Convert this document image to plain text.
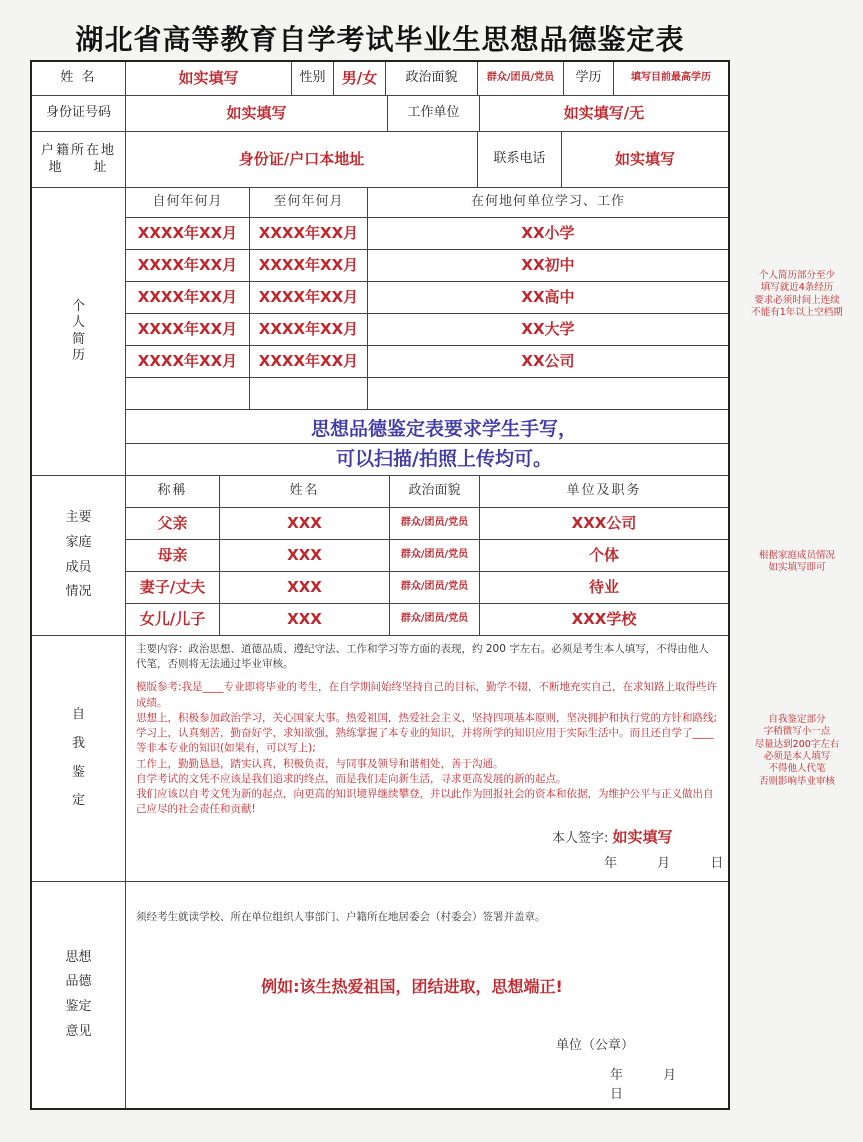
湖北省高等教育自学考试毕业生思想品德鉴定表
姓 名	如实填写	性别	男/女	政治面貌	群众/团员/党员	学历	填写目前最高学历
身份证号码	如实填写	工作单位	如实填写/无
户籍所在地
地　　址	身份证/户口本地址	联系电话	如实填写
个
人
简
历
自何年何月	至何年何月	在何地何单位学习、工作
XXXX年XX月	XXXX年XX月	XX小学
XXXX年XX月	XXXX年XX月	XX初中
XXXX年XX月	XXXX年XX月	XX高中
XXXX年XX月	XXXX年XX月	XX大学
XXXX年XX月	XXXX年XX月	XX公司
思想品德鉴定表要求学生手写，
可以扫描/拍照上传均可。
主要
家庭
成员
情况
称稱	姓名	政治面貌	单位及职务
父亲	XXX	群众/团员/党员	XXX公司
母亲	XXX	群众/团员/党员	个体
妻子/丈夫	XXX	群众/团员/党员	待业
女儿/儿子	XXX	群众/团员/党员	XXX学校
自
我
鉴
定
主要内容：政治思想、道德品质、遵纪守法、工作和学习等方面的表现，约 200 字左右。必须是考生本人填写，不得由他人代笔，否则将无法通过毕业审核。
模版参考:我是____专业即将毕业的考生，在自学期间始终坚持自己的目标，勤学不辍，不断地充实自己，在求知路上取得些许成绩。
思想上，积极参加政治学习，关心国家大事。热爱祖国，热爱社会主义，坚持四项基本原则，坚决拥护和执行党的方针和路线;学习上，认真刻苦，勤奋好学，求知欲强，熟练掌握了本专业的知识，并将所学的知识应用于实际生活中。而且还自学了____等非本专业的知识(如果有，可以写上);
工作上，勤勤恳恳，踏实认真，积极负责，与同事及领导和谐相处，善于沟通。
自学考试的文凭不应该是我们追求的终点，而是我们走向新生活，寻求更高发展的新的起点。
我们应该以自考文凭为新的起点，向更高的知识境界继续攀登，并以此作为回报社会的资本和依据，为维护公平与正义做出自己应尽的社会责任和贡献!
本人签字: 如实填写
年	月	日
思想
品德
鉴定
意见
须经考生就读学校、所在单位组织人事部门、户籍所在地居委会（村委会）签署并盖章。
例如:该生热爱祖国，团结进取，思想端正!
单位（公章）
年	月 日
个人简历部分至少
填写就近4条经历
要求必须时间上连续
不能有1年以上空档期
根据家庭成员情况
如实填写即可
自我鉴定部分
字稍微写小一点
尽量达到200字左右
必须是本人填写
不得他人代笔
否则影响毕业审核
